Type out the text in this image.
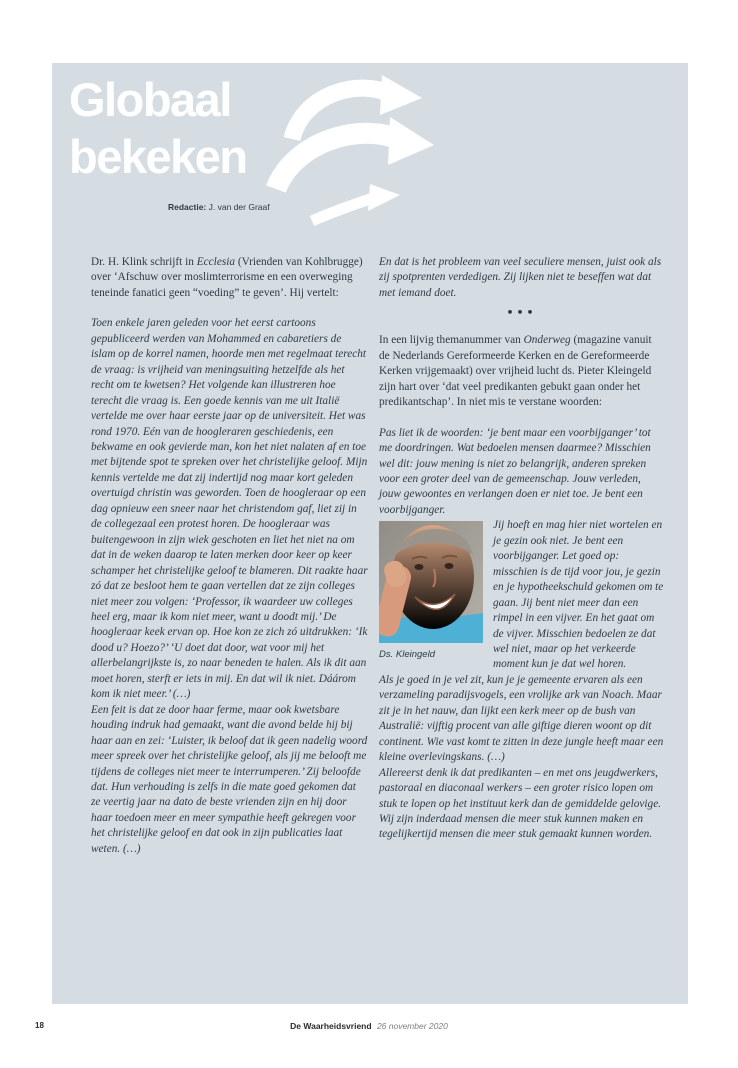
Globaal
bekeken
Redactie: J. van der Graaf

Dr. H. Klink schrijft in Ecclesia (Vrienden van Kohlbrugge) over ‘Afschuw over moslimterrorisme en een overweging teneinde fanatici geen “voeding” te geven’. Hij vertelt:

Toen enkele jaren geleden voor het eerst cartoons gepubliceerd werden van Mohammed en cabaretiers de islam op de korrel namen, hoorde men met regelmaat terecht de vraag: is vrijheid van meningsuiting hetzelfde als het recht om te kwetsen? Het volgende kan illustreren hoe terecht die vraag is. Een goede kennis van me uit Italië vertelde me over haar eerste jaar op de universiteit. Het was rond 1970. Eén van de hoogleraren geschiedenis, een bekwame en ook gevierde man, kon het niet nalaten af en toe met bijtende spot te spreken over het christelijke geloof. Mijn kennis vertelde me dat zij indertijd nog maar kort geleden overtuigd christin was geworden. Toen de hoogleraar op een dag opnieuw een sneer naar het christendom gaf, liet zij in de collegezaal een protest horen. De hoogleraar was buitengewoon in zijn wiek geschoten en liet het niet na om dat in de weken daarop te laten merken door keer op keer schamper het christelijke geloof te blameren. Dit raakte haar zó dat ze besloot hem te gaan vertellen dat ze zijn colleges niet meer zou volgen: ‘Professor, ik waardeer uw colleges heel erg, maar ik kom niet meer, want u doodt mij.’ De hoogleraar keek ervan op. Hoe kon ze zich zó uitdrukken: ‘Ik dood u? Hoezo?’ ‘U doet dat door, wat voor mij het allerbelangrijkste is, zo naar beneden te halen. Als ik dit aan moet horen, sterft er iets in mij. En dat wil ik niet. Dáárom kom ik niet meer.’ (…)

Een feit is dat ze door haar ferme, maar ook kwetsbare houding indruk had gemaakt, want die avond belde hij bij haar aan en zei: ‘Luister, ik beloof dat ik geen nadelig woord meer spreek over het christelijke geloof, als jij me belooft me tijdens de colleges niet meer te interrumperen.’ Zij beloofde dat. Hun verhouding is zelfs in die mate goed gekomen dat ze veertig jaar na dato de beste vrienden zijn en hij door haar toedoen meer en meer sympathie heeft gekregen voor het christelijke geloof en dat ook in zijn publicaties laat weten. (…)

En dat is het probleem van veel seculiere mensen, juist ook als zij spotprenten verdedigen. Zij lijken niet te beseffen wat dat met iemand doet.

•••

In een lijvig themanummer van Onderweg (magazine vanuit de Nederlands Gereformeerde Kerken en de Gereformeerde Kerken vrijgemaakt) over vrijheid lucht ds. Pieter Kleingeld zijn hart over ‘dat veel predikanten gebukt gaan onder het predikantschap’. In niet mis te verstane woorden:

Pas liet ik de woorden: ‘je bent maar een voorbijganger’ tot me doordringen. Wat bedoelen mensen daarmee? Misschien wel dit: jouw mening is niet zo belangrijk, anderen spreken voor een groter deel van de gemeenschap. Jouw verleden, jouw gewoontes en verlangen doen er niet toe. Je bent een voorbijganger.

Ds. Kleingeld
Jij hoeft en mag hier niet wortelen en je gezin ook niet. Je bent een voorbijganger. Let goed op: misschien is de tijd voor jou, je gezin en je hypotheekschuld gekomen om te gaan. Jij bent niet meer dan een rimpel in een vijver. En het gaat om de vijver. Misschien bedoelen ze dat wel niet, maar op het verkeerde moment kun je dat wel horen.

Als je goed in je vel zit, kun je je gemeente ervaren als een verzameling paradijsvogels, een vrolijke ark van Noach. Maar zit je in het nauw, dan lijkt een kerk meer op de bush van Australië: vijftig procent van alle giftige dieren woont op dit continent. Wie vast komt te zitten in deze jungle heeft maar een kleine overlevingskans. (…)

Allereerst denk ik dat predikanten – en met ons jeugdwerkers, pastoraal en diaconaal werkers – een groter risico lopen om stuk te lopen op het instituut kerk dan de gemiddelde gelovige. Wij zijn inderdaad mensen die meer stuk kunnen maken en tegelijkertijd mensen die meer stuk gemaakt kunnen worden.

18	De Waarheidsvriend 26 november 2020
